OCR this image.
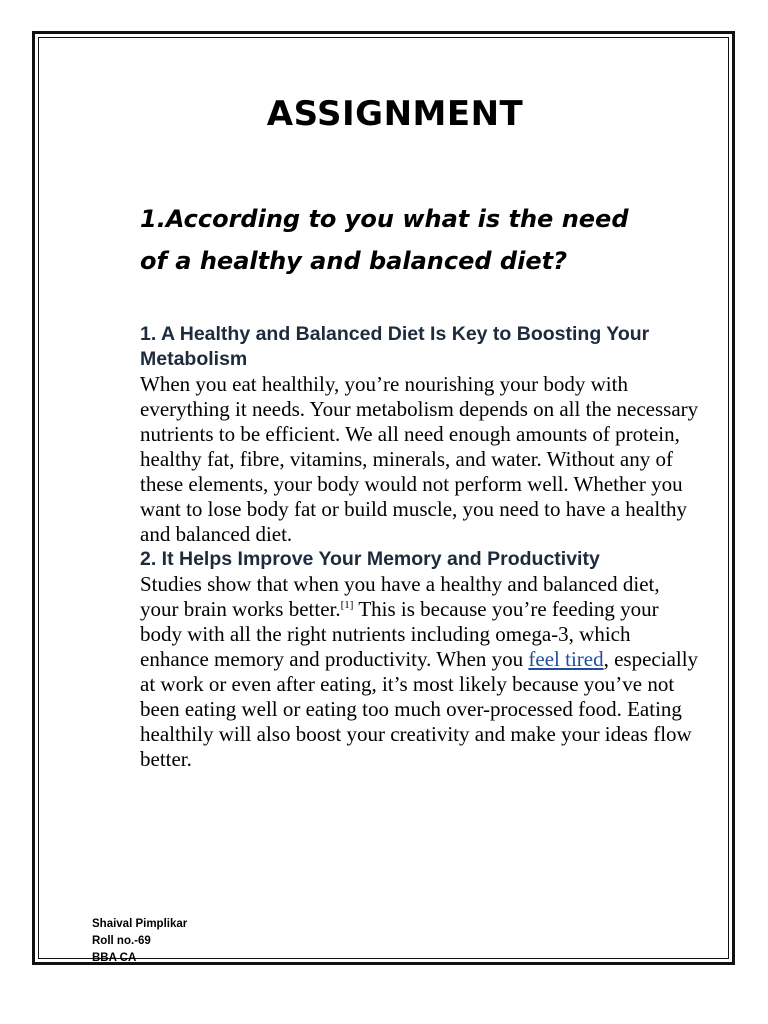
ASSIGNMENT
1.According to you what is the need
of a healthy and balanced diet?
1. A Healthy and Balanced Diet Is Key to Boosting Your Metabolism

When you eat healthily, you’re nourishing your body with everything it needs. Your metabolism depends on all the necessary nutrients to be efficient. We all need enough amounts of protein, healthy fat, fibre, vitamins, minerals, and water. Without any of these elements, your body would not perform well. Whether you want to lose body fat or build muscle, you need to have a healthy and balanced diet.

2. It Helps Improve Your Memory and Productivity

Studies show that when you have a healthy and balanced diet, your brain works better.[1] This is because you’re feeding your body with all the right nutrients including omega-3, which enhance memory and productivity. When you feel tired, especially at work or even after eating, it’s most likely because you’ve not been eating well or eating too much over-processed food. Eating healthily will also boost your creativity and make your ideas flow better.

Shaival Pimplikar
Roll no.-69
BBA CA
